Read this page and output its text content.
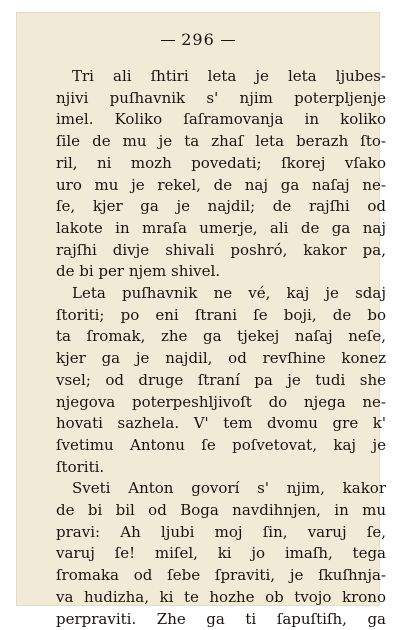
296
Tri ali ſhtiri leta je leta ljubes-
njivi puſhavnik s' njim poterpljenje
imel. Koliko ſaſramovanja in koliko
ſile de mu je ta zhaſ leta berazh ſto-
ril, ni mozh povedati; ſkorej vſako
uro mu je rekel, de naj ga naſaj ne-
ſe, kjer ga je najdil; de rajſhi od
lakote in mraſa umerje, ali de ga naj
rajſhi divje shivali poshró, kakor pa,
de bi per njem shivel.
Leta puſhavnik ne vé, kaj je sdaj
ſtoriti; po eni ſtrani ſe boji, de bo
ta ſromak, zhe ga tjekej naſaj neſe,
kjer ga je najdil, od revſhine konez
vsel; od druge ſtraní pa je tudi she
njegova poterpeshljivoſt do njega ne-
hovati sazhela. V' tem dvomu gre k'
ſvetimu Antonu ſe poſvetovat, kaj je
ſtoriti.
Sveti Anton govorí s' njim, kakor
de bi bil od Boga navdihnjen, in mu
pravi: Ah ljubi moj ſin, varuj ſe,
varuj ſe! miſel, ki jo imaſh, tega
ſromaka od ſebe ſpraviti, je ſkuſhnja-
va hudizha, ki te hozhe ob tvojo krono
perpraviti. Zhe ga ti ſapuſtiſh, ga
